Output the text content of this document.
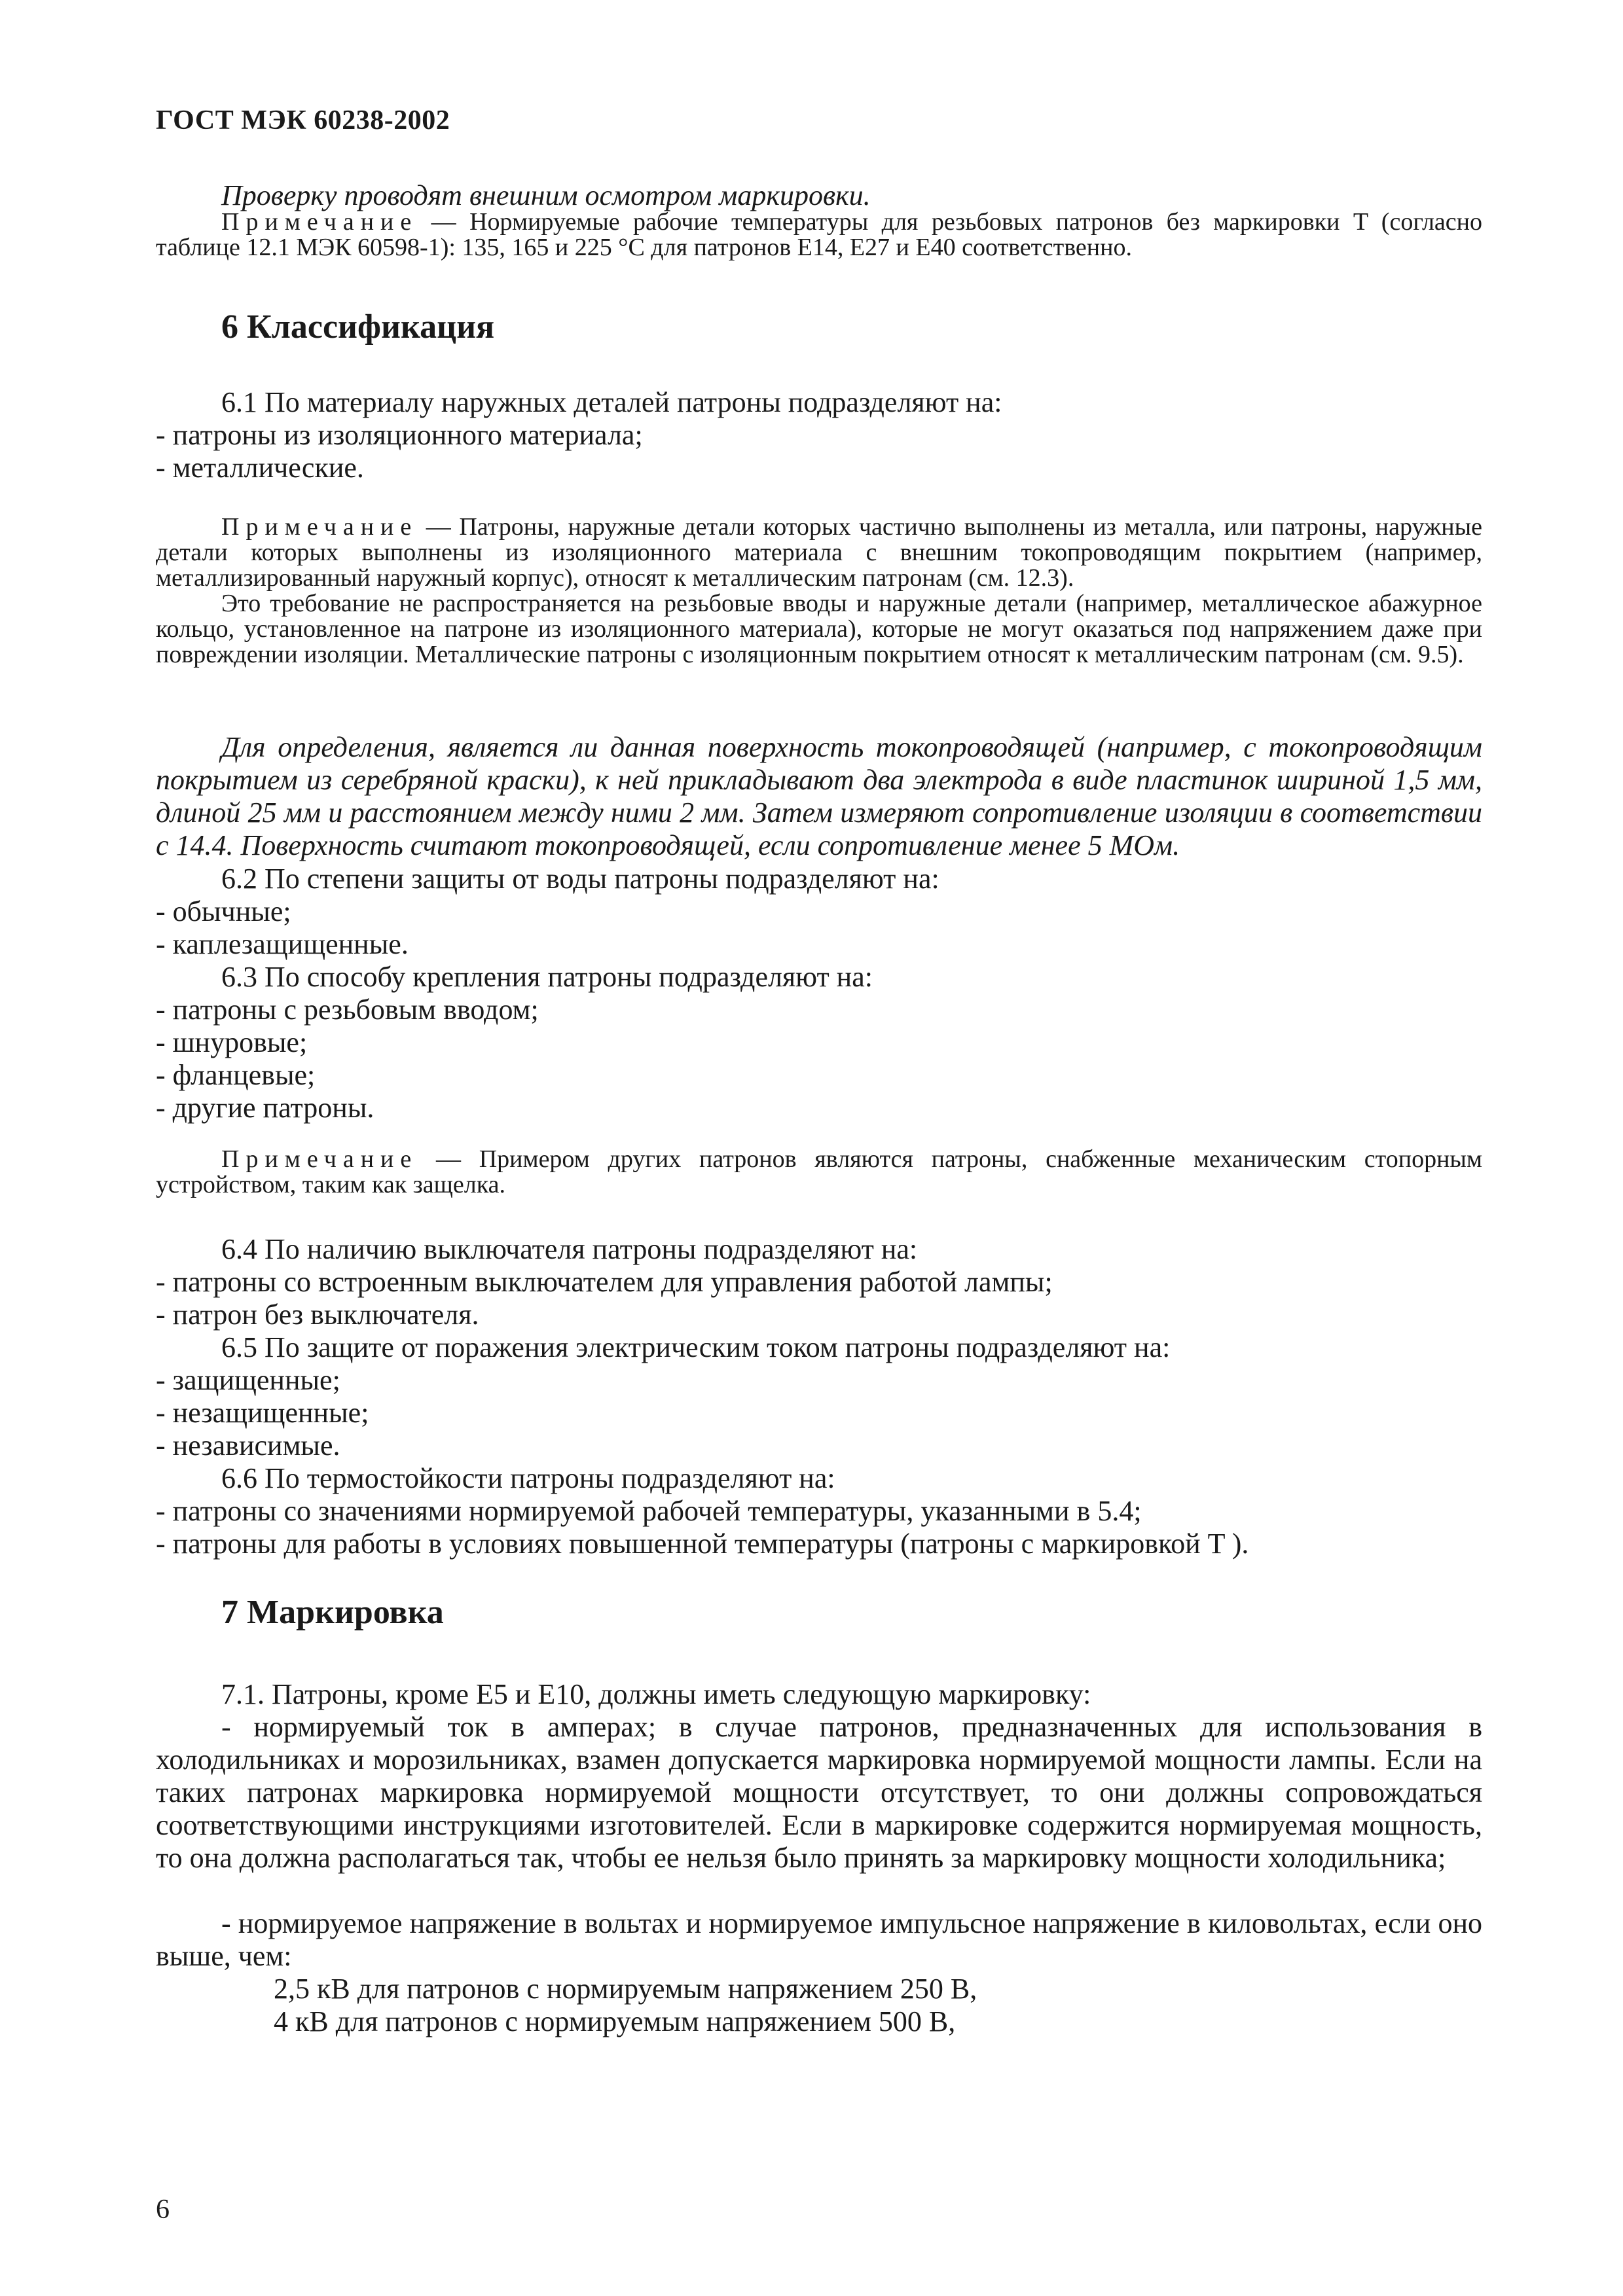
ГОСТ МЭК 60238-2002
Проверку проводят внешним осмотром маркировки.
Примечание — Нормируемые рабочие температуры для резьбовых патронов без маркировки T (согласно таблице 12.1 МЭК 60598-1): 135, 165 и 225 °С для патронов Е14, Е27 и Е40 соответственно.
6 Классификация
6.1 По материалу наружных деталей патроны подразделяют на:
- патроны из изоляционного материала;
- металлические.
Примечание — Патроны, наружные детали которых частично выполнены из металла, или патроны, наружные детали которых выполнены из изоляционного материала с внешним токопроводящим покрытием (например, металлизированный наружный корпус), относят к металлическим патронам (см. 12.3).
Это требование не распространяется на резьбовые вводы и наружные детали (например, металлическое абажурное кольцо, установленное на патроне из изоляционного материала), которые не могут оказаться под напряжением даже при повреждении изоляции. Металлические патроны с изоляционным покрытием относят к металлическим патронам (см. 9.5).
Для определения, является ли данная поверхность токопроводящей (например, с токопроводящим покрытием из серебряной краски), к ней прикладывают два электрода в виде пластинок шириной 1,5 мм, длиной 25 мм и расстоянием между ними 2 мм. Затем измеряют сопротивление изоляции в соответствии с 14.4. Поверхность считают токопроводящей, если сопротивление менее 5 МОм.
6.2 По степени защиты от воды патроны подразделяют на:
- обычные;
- каплезащищенные.
6.3 По способу крепления патроны подразделяют на:
- патроны с резьбовым вводом;
- шнуровые;
- фланцевые;
- другие патроны.
Примечание — Примером других патронов являются патроны, снабженные механическим стопорным устройством, таким как защелка.
6.4 По наличию выключателя патроны подразделяют на:
- патроны со встроенным выключателем для управления работой лампы;
- патрон без выключателя.
6.5 По защите от поражения электрическим током патроны подразделяют на:
- защищенные;
- незащищенные;
- независимые.
6.6 По термостойкости патроны подразделяют на:
- патроны со значениями нормируемой рабочей температуры, указанными в 5.4;
- патроны для работы в условиях повышенной температуры (патроны с маркировкой T ).
7 Маркировка
7.1. Патроны, кроме Е5 и Е10, должны иметь следующую маркировку:
- нормируемый ток в амперах; в случае патронов, предназначенных для использования в холодильниках и морозильниках, взамен допускается маркировка нормируемой мощности лампы. Если на таких патронах маркировка нормируемой мощности отсутствует, то они должны сопровождаться соответствующими инструкциями изготовителей. Если в маркировке содержится нормируемая мощность, то она должна располагаться так, чтобы ее нельзя было принять за маркировку мощности холодильника;
- нормируемое напряжение в вольтах и нормируемое импульсное напряжение в киловольтах, если оно выше, чем:
2,5 кВ для патронов с нормируемым напряжением 250 В,
4 кВ для патронов с нормируемым напряжением 500 В,
6
